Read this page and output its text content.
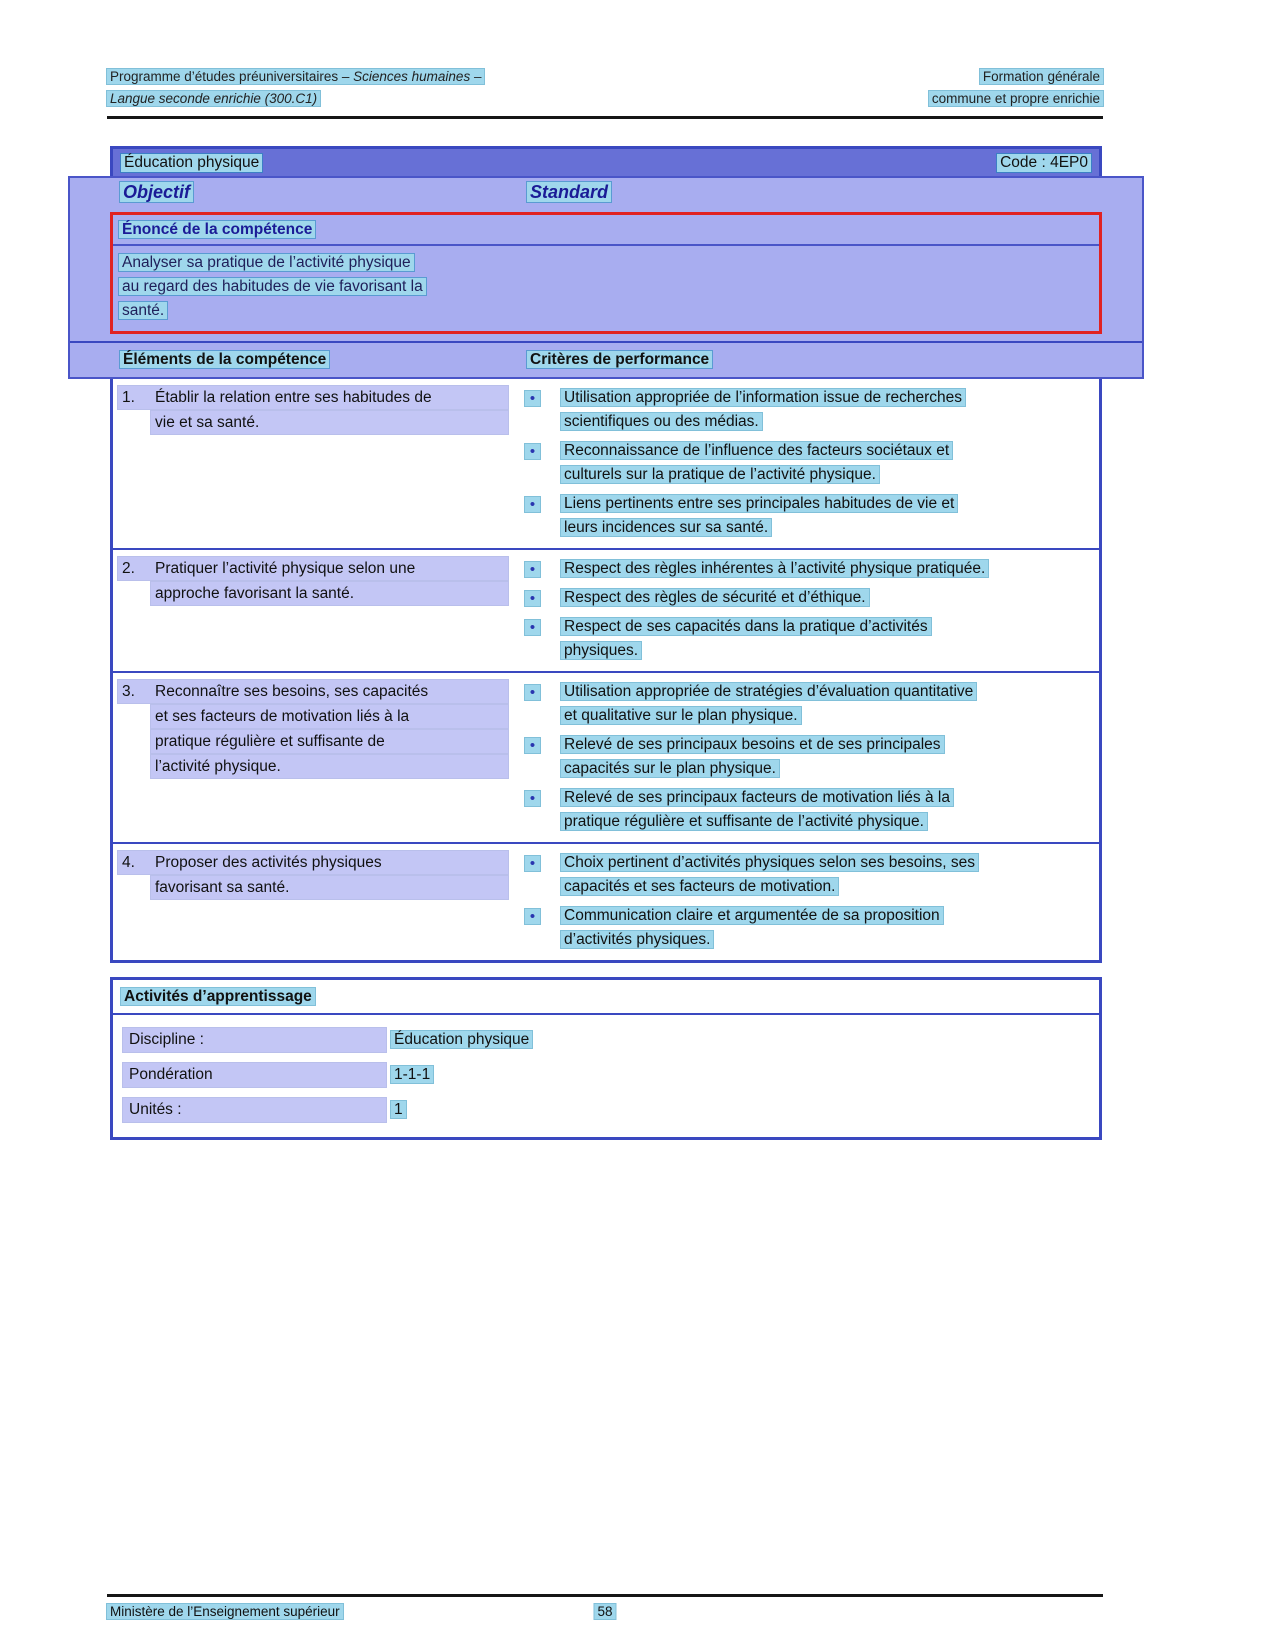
Programme d’études préuniversitaires – Sciences humaines –
Langue seconde enrichie (300.C1)
Formation générale
commune et propre enrichie
Éducation physique	Code : 4EP0
Objectif	Standard
Énoncé de la compétence
Analyser sa pratique de l’activité physique
au regard des habitudes de vie favorisant la
santé.
Éléments de la compétence	Critères de performance
1.	Établir la relation entre ses habitudes de
vie et sa santé.
• Utilisation appropriée de l’information issue de recherches
scientifiques ou des médias.
• Reconnaissance de l’influence des facteurs sociétaux et
culturels sur la pratique de l’activité physique.
• Liens pertinents entre ses principales habitudes de vie et
leurs incidences sur sa santé.
2.	Pratiquer l’activité physique selon une
approche favorisant la santé.
• Respect des règles inhérentes à l’activité physique pratiquée.
• Respect des règles de sécurité et d’éthique.
• Respect de ses capacités dans la pratique d’activités
physiques.
3.	Reconnaître ses besoins, ses capacités
et ses facteurs de motivation liés à la
pratique régulière et suffisante de
l’activité physique.
• Utilisation appropriée de stratégies d’évaluation quantitative
et qualitative sur le plan physique.
• Relevé de ses principaux besoins et de ses principales
capacités sur le plan physique.
• Relevé de ses principaux facteurs de motivation liés à la
pratique régulière et suffisante de l’activité physique.
4.	Proposer des activités physiques
favorisant sa santé.
• Choix pertinent d’activités physiques selon ses besoins, ses
capacités et ses facteurs de motivation.
• Communication claire et argumentée de sa proposition
d’activités physiques.
Activités d’apprentissage
Discipline :	Éducation physique
Pondération	1-1-1
Unités :	1
Ministère de l’Enseignement supérieur	58
